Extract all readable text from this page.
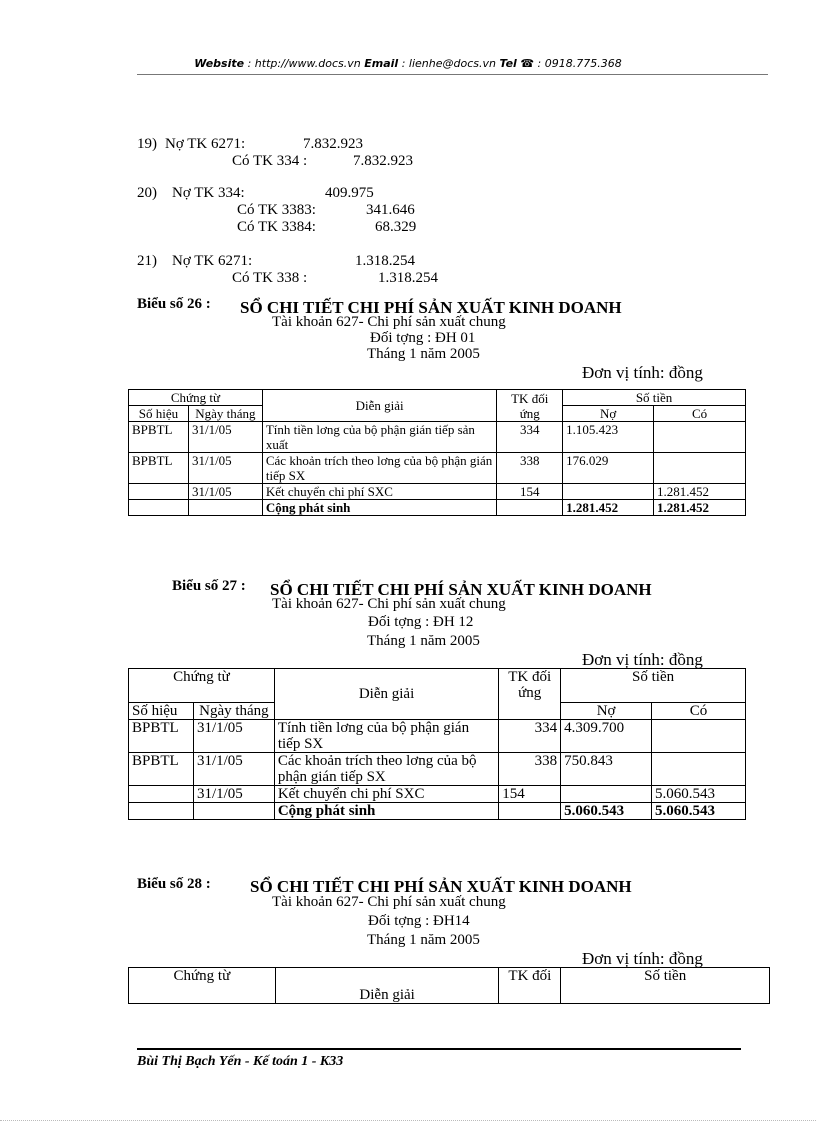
Website : http://www.docs.vn Email : lienhe@docs.vn Tel ☎ : 0918.775.368
19) Nợ TK 6271:	7.832.923
Có TK 334 :	7.832.923
20) Nợ TK 334:	409.975
Có TK 3383:	341.646
Có TK 3384:	68.329
21) Nợ TK 6271:	1.318.254
Có TK 338 :	1.318.254
Biểu số 26 : SỔ CHI TIẾT CHI PHÍ SẢN XUẤT KINH DOANH
Tài khoản 627- Chi phí sản xuất chung
Đối tợng : ĐH 01
Tháng 1 năm 2005
Đơn vị tính: đồng
Chứng từ		Diễn giải	TK đối ứng	Số tiền	
Số hiệu	Ngày tháng			Nợ	Có
BPBTL	31/1/05	Tính tiền lơng của bộ phận gián tiếp sản xuất	334	1.105.423	
BPBTL	31/1/05	Các khoản trích theo lơng của bộ phận gián tiếp SX	338	176.029	
	31/1/05	Kết chuyển chi phí SXC	154		1.281.452
		Cộng phát sinh		1.281.452	1.281.452
Biểu số 27 : SỔ CHI TIẾT CHI PHÍ SẢN XUẤT KINH DOANH
Tài khoản 627- Chi phí sản xuất chung
Đối tợng : ĐH 12
Tháng 1 năm 2005
Đơn vị tính: đồng
Chứng từ		Diễn giải	TK đối ứng	Số tiền	
Số hiệu	Ngày tháng			Nợ	Có
BPBTL	31/1/05	Tính tiền lơng của bộ phận gián tiếp SX	334	4.309.700	
BPBTL	31/1/05	Các khoản trích theo lơng của bộ phận gián tiếp SX	338	750.843	
	31/1/05	Kết chuyển chi phí SXC	154		5.060.543
		Cộng phát sinh		5.060.543	5.060.543
Biểu số 28 : SỔ CHI TIẾT CHI PHÍ SẢN XUẤT KINH DOANH
Tài khoản 627- Chi phí sản xuất chung
Đối tợng : ĐH14
Tháng 1 năm 2005
Đơn vị tính: đồng
Chứng từ	Diễn giải	TK đối	Số tiền
Bùi Thị Bạch Yến - Kế toán 1 - K33
